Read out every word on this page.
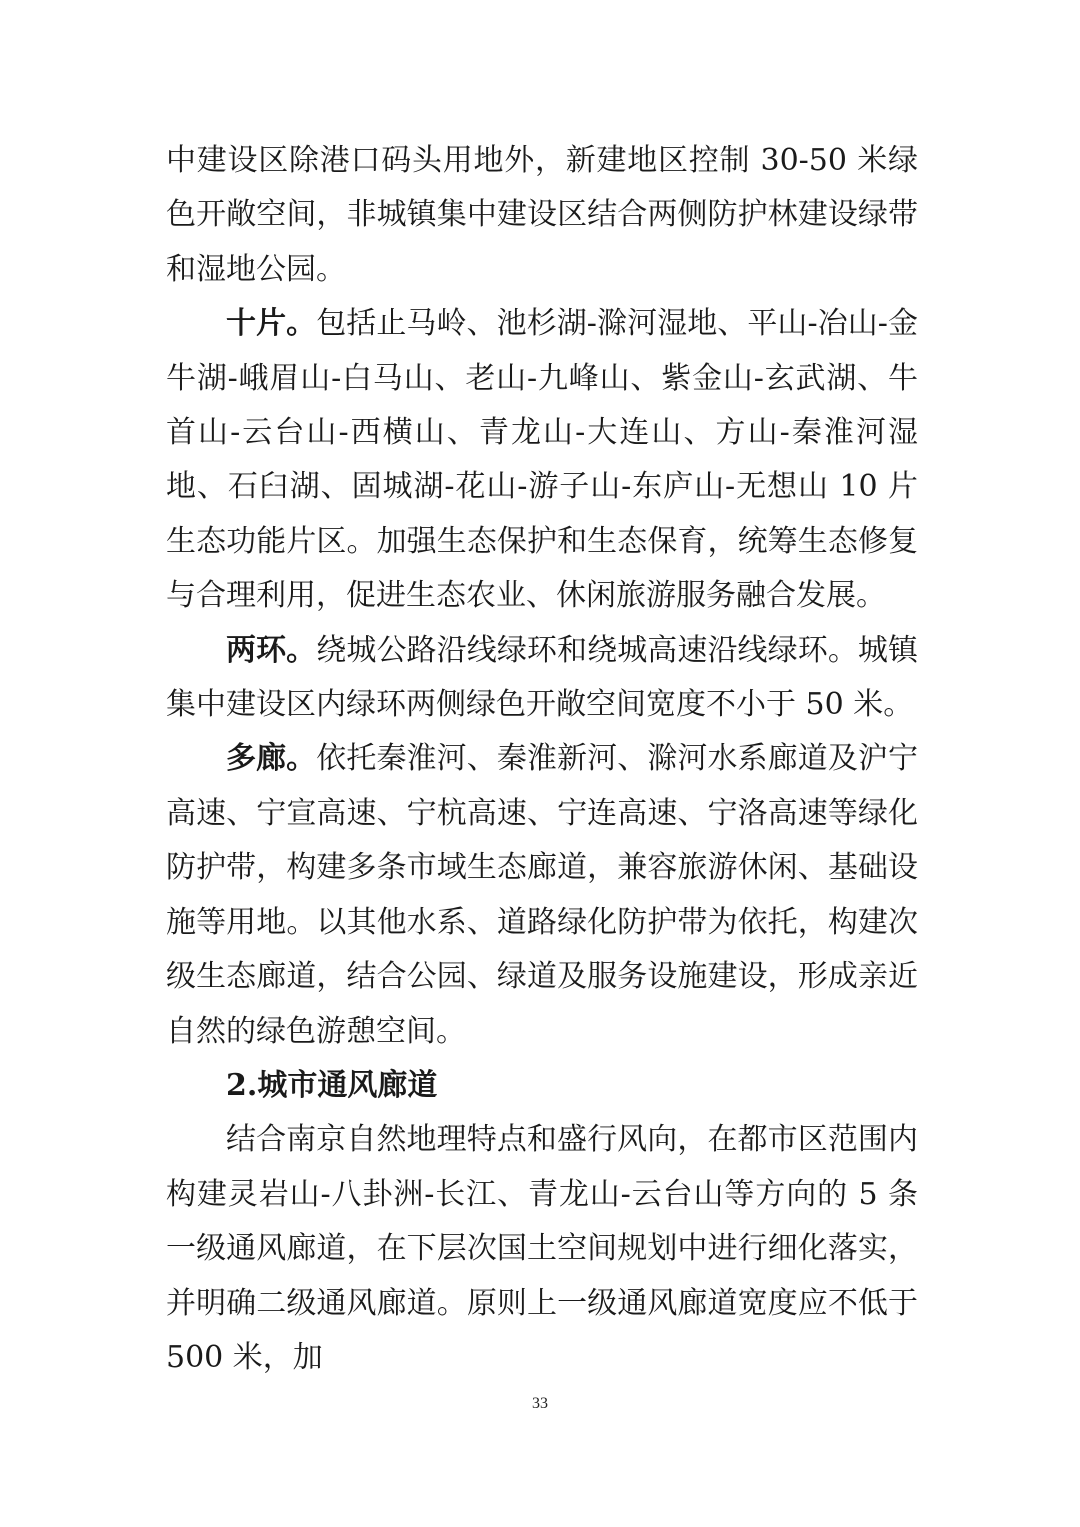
中建设区除港口码头用地外，新建地区控制 30-50 米绿色开敞空间，非城镇集中建设区结合两侧防护林建设绿带和湿地公园。

十片。包括止马岭、池杉湖-滁河湿地、平山-冶山-金牛湖-峨眉山-白马山、老山-九峰山、紫金山-玄武湖、牛首山-云台山-西横山、青龙山-大连山、方山-秦淮河湿地、石臼湖、固城湖-花山-游子山-东庐山-无想山 10 片生态功能片区。加强生态保护和生态保育，统筹生态修复与合理利用，促进生态农业、休闲旅游服务融合发展。

两环。绕城公路沿线绿环和绕城高速沿线绿环。城镇集中建设区内绿环两侧绿色开敞空间宽度不小于 50 米。

多廊。依托秦淮河、秦淮新河、滁河水系廊道及沪宁高速、宁宣高速、宁杭高速、宁连高速、宁洛高速等绿化防护带，构建多条市域生态廊道，兼容旅游休闲、基础设施等用地。以其他水系、道路绿化防护带为依托，构建次级生态廊道，结合公园、绿道及服务设施建设，形成亲近自然的绿色游憩空间。

2.城市通风廊道

结合南京自然地理特点和盛行风向，在都市区范围内构建灵岩山-八卦洲-长江、青龙山-云台山等方向的 5 条一级通风廊道，在下层次国土空间规划中进行细化落实，并明确二级通风廊道。原则上一级通风廊道宽度应不低于 500 米，加

33
